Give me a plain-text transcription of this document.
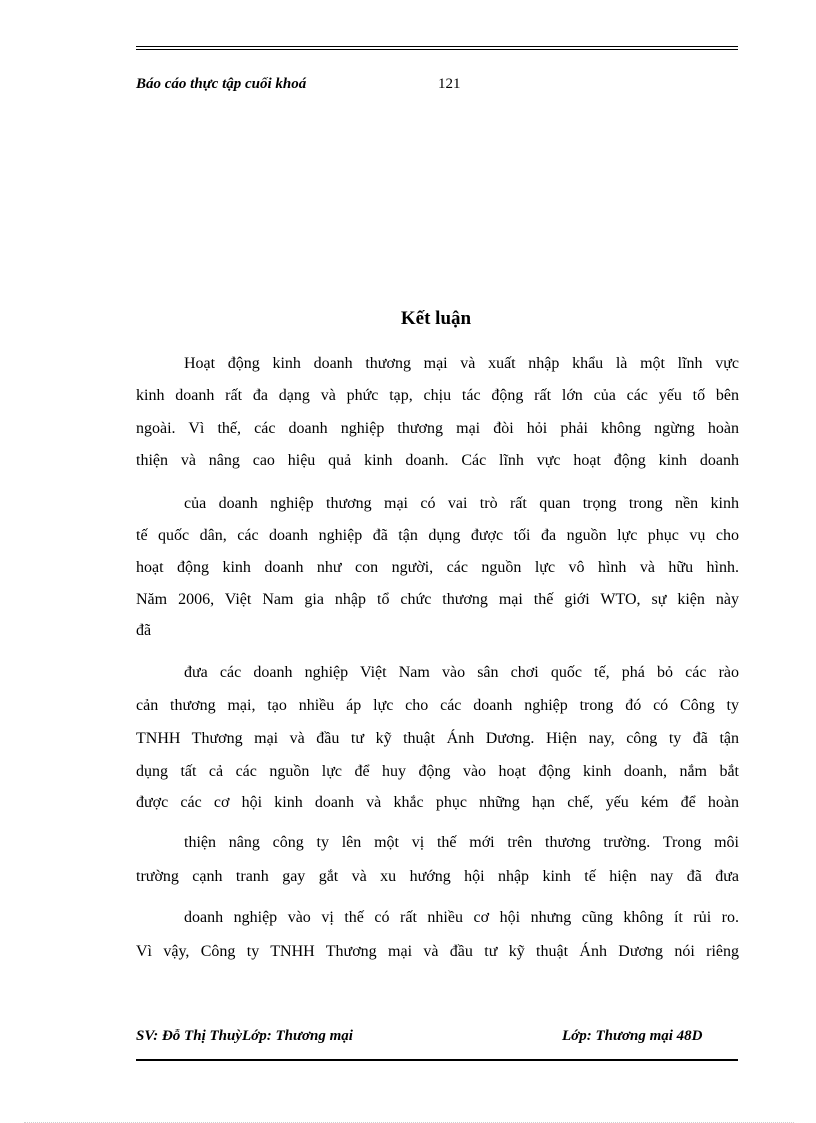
Báo cáo thực tập cuối khoá	121
Kết luận
Hoạt động kinh doanh thương mại và xuất nhập khẩu là một lĩnh vực
kinh doanh rất đa dạng và phức tạp, chịu tác động rất lớn của các yếu tố bên
ngoài. Vì thế, các doanh nghiệp thương mại đòi hỏi phải không ngừng hoàn
thiện và nâng cao hiệu quả kinh doanh. Các lĩnh vực hoạt động kinh doanh
của doanh nghiệp thương mại có vai trò rất quan trọng trong nền kinh
tế quốc dân, các doanh nghiệp đã tận dụng được tối đa nguồn lực phục vụ cho
hoạt động kinh doanh như con người, các nguồn lực vô hình và hữu hình.
Năm 2006, Việt Nam gia nhập tổ chức thương mại thế giới WTO, sự kiện này
đã
đưa các doanh nghiệp Việt Nam vào sân chơi quốc tế, phá bỏ các rào
cản thương mại, tạo nhiều áp lực cho các doanh nghiệp trong đó có Công ty
TNHH Thương mại và đầu tư kỹ thuật Ánh Dương. Hiện nay, công ty đã tận
dụng tất cả các nguồn lực để huy động vào hoạt động kinh doanh, nắm bắt
được các cơ hội kinh doanh và khắc phục những hạn chế, yếu kém để hoàn
thiện nâng công ty lên một vị thế mới trên thương trường. Trong môi
trường cạnh tranh gay gắt và xu hướng hội nhập kinh tế hiện nay đã đưa
doanh nghiệp vào vị thế có rất nhiều cơ hội nhưng cũng không ít rủi ro.
Vì vậy, Công ty TNHH Thương mại và đầu tư kỹ thuật Ánh Dương nói riêng
SV: Đỗ Thị ThuỳLớp: Thương mại	Lớp: Thương mại 48D
